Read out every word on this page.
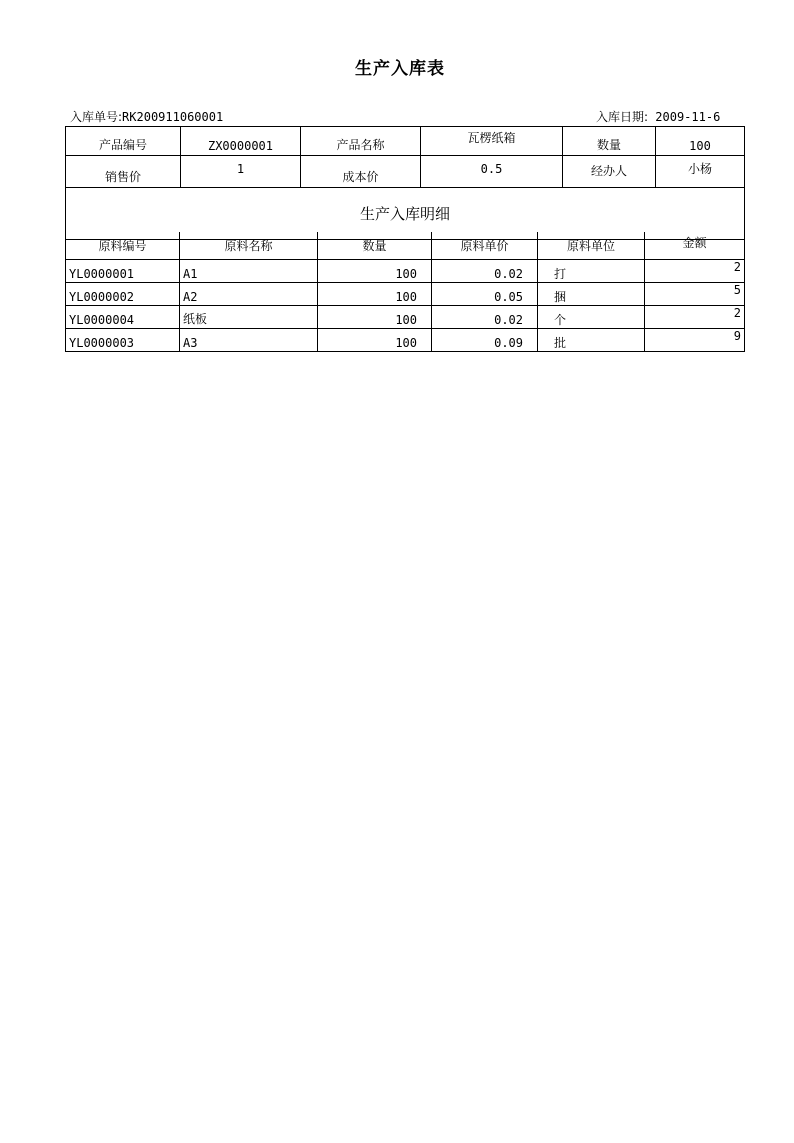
生产入库表
入库单号:RK200911060001	入库日期: 2009-11-6
产品编号	ZX0000001	产品名称	瓦楞纸箱	数量	100
销售价	1	成本价	0.5	经办人	小杨
生产入库明细					
原料编号	原料名称	数量	原料单价	原料单位	金额
YL0000001	A1	100	0.02	打	2
YL0000002	A2	100	0.05	捆	5
YL0000004	纸板	100	0.02	个	2
YL0000003	A3	100	0.09	批	9
